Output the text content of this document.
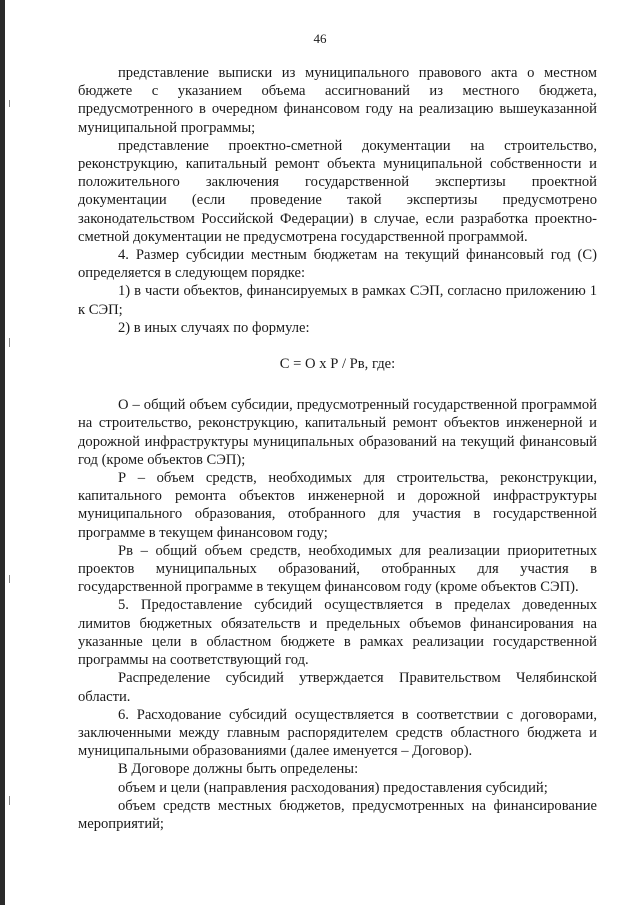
46

представление выписки из муниципального правового акта о местном бюджете с указанием объема ассигнований из местного бюджета, предусмотренного в очередном финансовом году на реализацию вышеуказанной муниципальной программы;

представление проектно-сметной документации на строительство, реконструкцию, капитальный ремонт объекта муниципальной собственности и положительного заключения государственной экспертизы проектной документации (если проведение такой экспертизы предусмотрено законодательством Российской Федерации) в случае, если разработка проектно-сметной документации не предусмотрена государственной программой.

4. Размер субсидии местным бюджетам на текущий финансовый год (С) определяется в следующем порядке:

1) в части объектов, финансируемых в рамках СЭП, согласно приложению 1 к СЭП;

2) в иных случаях по формуле:

С = О x Р / Рв, где:

О – общий объем субсидии, предусмотренный государственной программой на строительство, реконструкцию, капитальный ремонт объектов инженерной и дорожной инфраструктуры муниципальных образований на текущий финансовый год (кроме объектов СЭП);

Р – объем средств, необходимых для строительства, реконструкции, капитального ремонта объектов инженерной и дорожной инфраструктуры муниципального образования, отобранного для участия в государственной программе в текущем финансовом году;

Рв – общий объем средств, необходимых для реализации приоритетных проектов муниципальных образований, отобранных для участия в государственной программе в текущем финансовом году (кроме объектов СЭП).

5. Предоставление субсидий осуществляется в пределах доведенных лимитов бюджетных обязательств и предельных объемов финансирования на указанные цели в областном бюджете в рамках реализации государственной программы на соответствующий год.

Распределение субсидий утверждается Правительством Челябинской области.

6. Расходование субсидий осуществляется в соответствии с договорами, заключенными между главным распорядителем средств областного бюджета и муниципальными образованиями (далее именуется – Договор).

В Договоре должны быть определены:

объем и цели (направления расходования) предоставления субсидий;

объем средств местных бюджетов, предусмотренных на финансирование мероприятий;
